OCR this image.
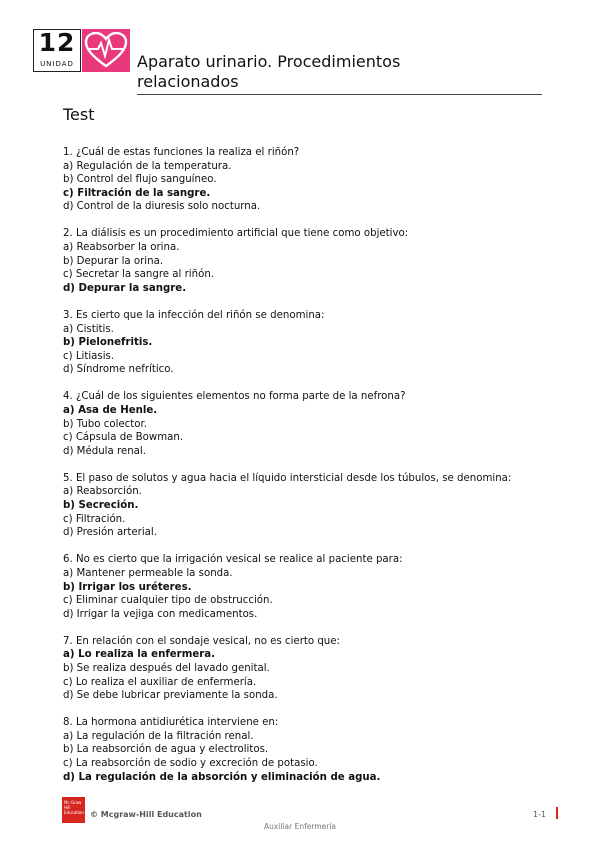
12
UNIDAD	Aparato urinario. Procedimientos
relacionados
Test
1. ¿Cuál de estas funciones la realiza el riñón?
a) Regulación de la temperatura.
b) Control del flujo sanguíneo.
c) Filtración de la sangre.
d) Control de la diuresis solo nocturna.
2. La diálisis es un procedimiento artificial que tiene como objetivo:
a) Reabsorber la orina.
b) Depurar la orina.
c) Secretar la sangre al riñón.
d) Depurar la sangre.
3. Es cierto que la infección del riñón se denomina:
a) Cistitis.
b) Pielonefritis.
c) Litiasis.
d) Síndrome nefrítico.
4. ¿Cuál de los siguientes elementos no forma parte de la nefrona?
a) Asa de Henle.
b) Tubo colector.
c) Cápsula de Bowman.
d) Médula renal.
5. El paso de solutos y agua hacia el líquido intersticial desde los túbulos, se denomina:
a) Reabsorción.
b) Secreción.
c) Filtración.
d) Presión arterial.
6. No es cierto que la irrigación vesical se realice al paciente para:
a) Mantener permeable la sonda.
b) Irrigar los uréteres.
c) Eliminar cualquier tipo de obstrucción.
d) Irrigar la vejiga con medicamentos.
7. En relación con el sondaje vesical, no es cierto que:
a) Lo realiza la enfermera.
b) Se realiza después del lavado genital.
c) Lo realiza el auxiliar de enfermería.
d) Se debe lubricar previamente la sonda.
8. La hormona antidiurética interviene en:
a) La regulación de la filtración renal.
b) La reabsorción de agua y electrolitos.
c) La reabsorción de sodio y excreción de potasio.
d) La regulación de la absorción y eliminación de agua.
Mc Graw Hill Education © Mcgraw-Hill Education	1-1
Auxiliar Enfermería
